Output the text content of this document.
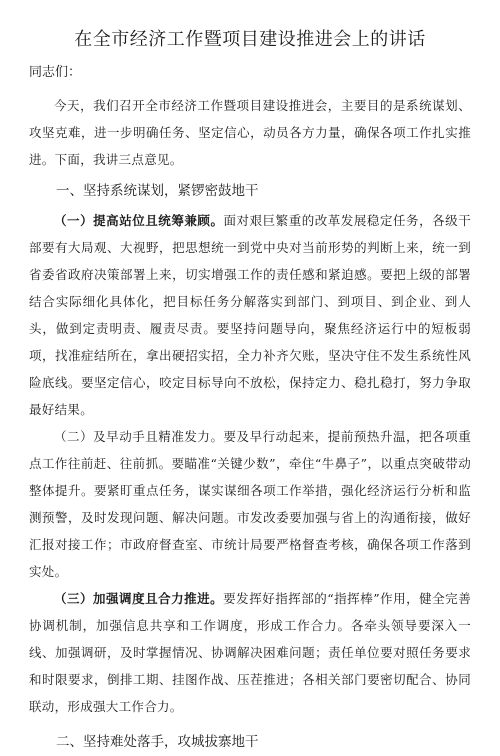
在全市经济工作暨项目建设推进会上的讲话

同志们：

今天，我们召开全市经济工作暨项目建设推进会，主要目的是系统谋划、攻坚克难，进一步明确任务、坚定信心，动员各方力量，确保各项工作扎实推进。下面，我讲三点意见。

一、坚持系统谋划，紧锣密鼓地干

（一）提高站位且统筹兼顾。面对艰巨繁重的改革发展稳定任务，各级干部要有大局观、大视野，把思想统一到党中央对当前形势的判断上来，统一到省委省政府决策部署上来，切实增强工作的责任感和紧迫感。要把上级的部署结合实际细化具体化，把目标任务分解落实到部门、到项目、到企业、到人头，做到定责明责、履责尽责。要坚持问题导向，聚焦经济运行中的短板弱项，找准症结所在，拿出硬招实招，全力补齐欠账，坚决守住不发生系统性风险底线。要坚定信心，咬定目标导向不放松，保持定力、稳扎稳打，努力争取最好结果。

（二）及早动手且精准发力。要及早行动起来，提前预热升温，把各项重点工作往前赶、往前抓。要瞄准“关键少数”，牵住“牛鼻子”，以重点突破带动整体提升。要紧盯重点任务，谋实谋细各项工作举措，强化经济运行分析和监测预警，及时发现问题、解决问题。市发改委要加强与省上的沟通衔接，做好汇报对接工作；市政府督查室、市统计局要严格督查考核，确保各项工作落到实处。

（三）加强调度且合力推进。要发挥好指挥部的“指挥棒”作用，健全完善协调机制，加强信息共享和工作调度，形成工作合力。各牵头领导要深入一线、加强调研，及时掌握情况、协调解决困难问题；责任单位要对照任务要求和时限要求，倒排工期、挂图作战、压茬推进；各相关部门要密切配合、协同联动，形成强大工作合力。

二、坚持难处落手，攻城拔寨地干
